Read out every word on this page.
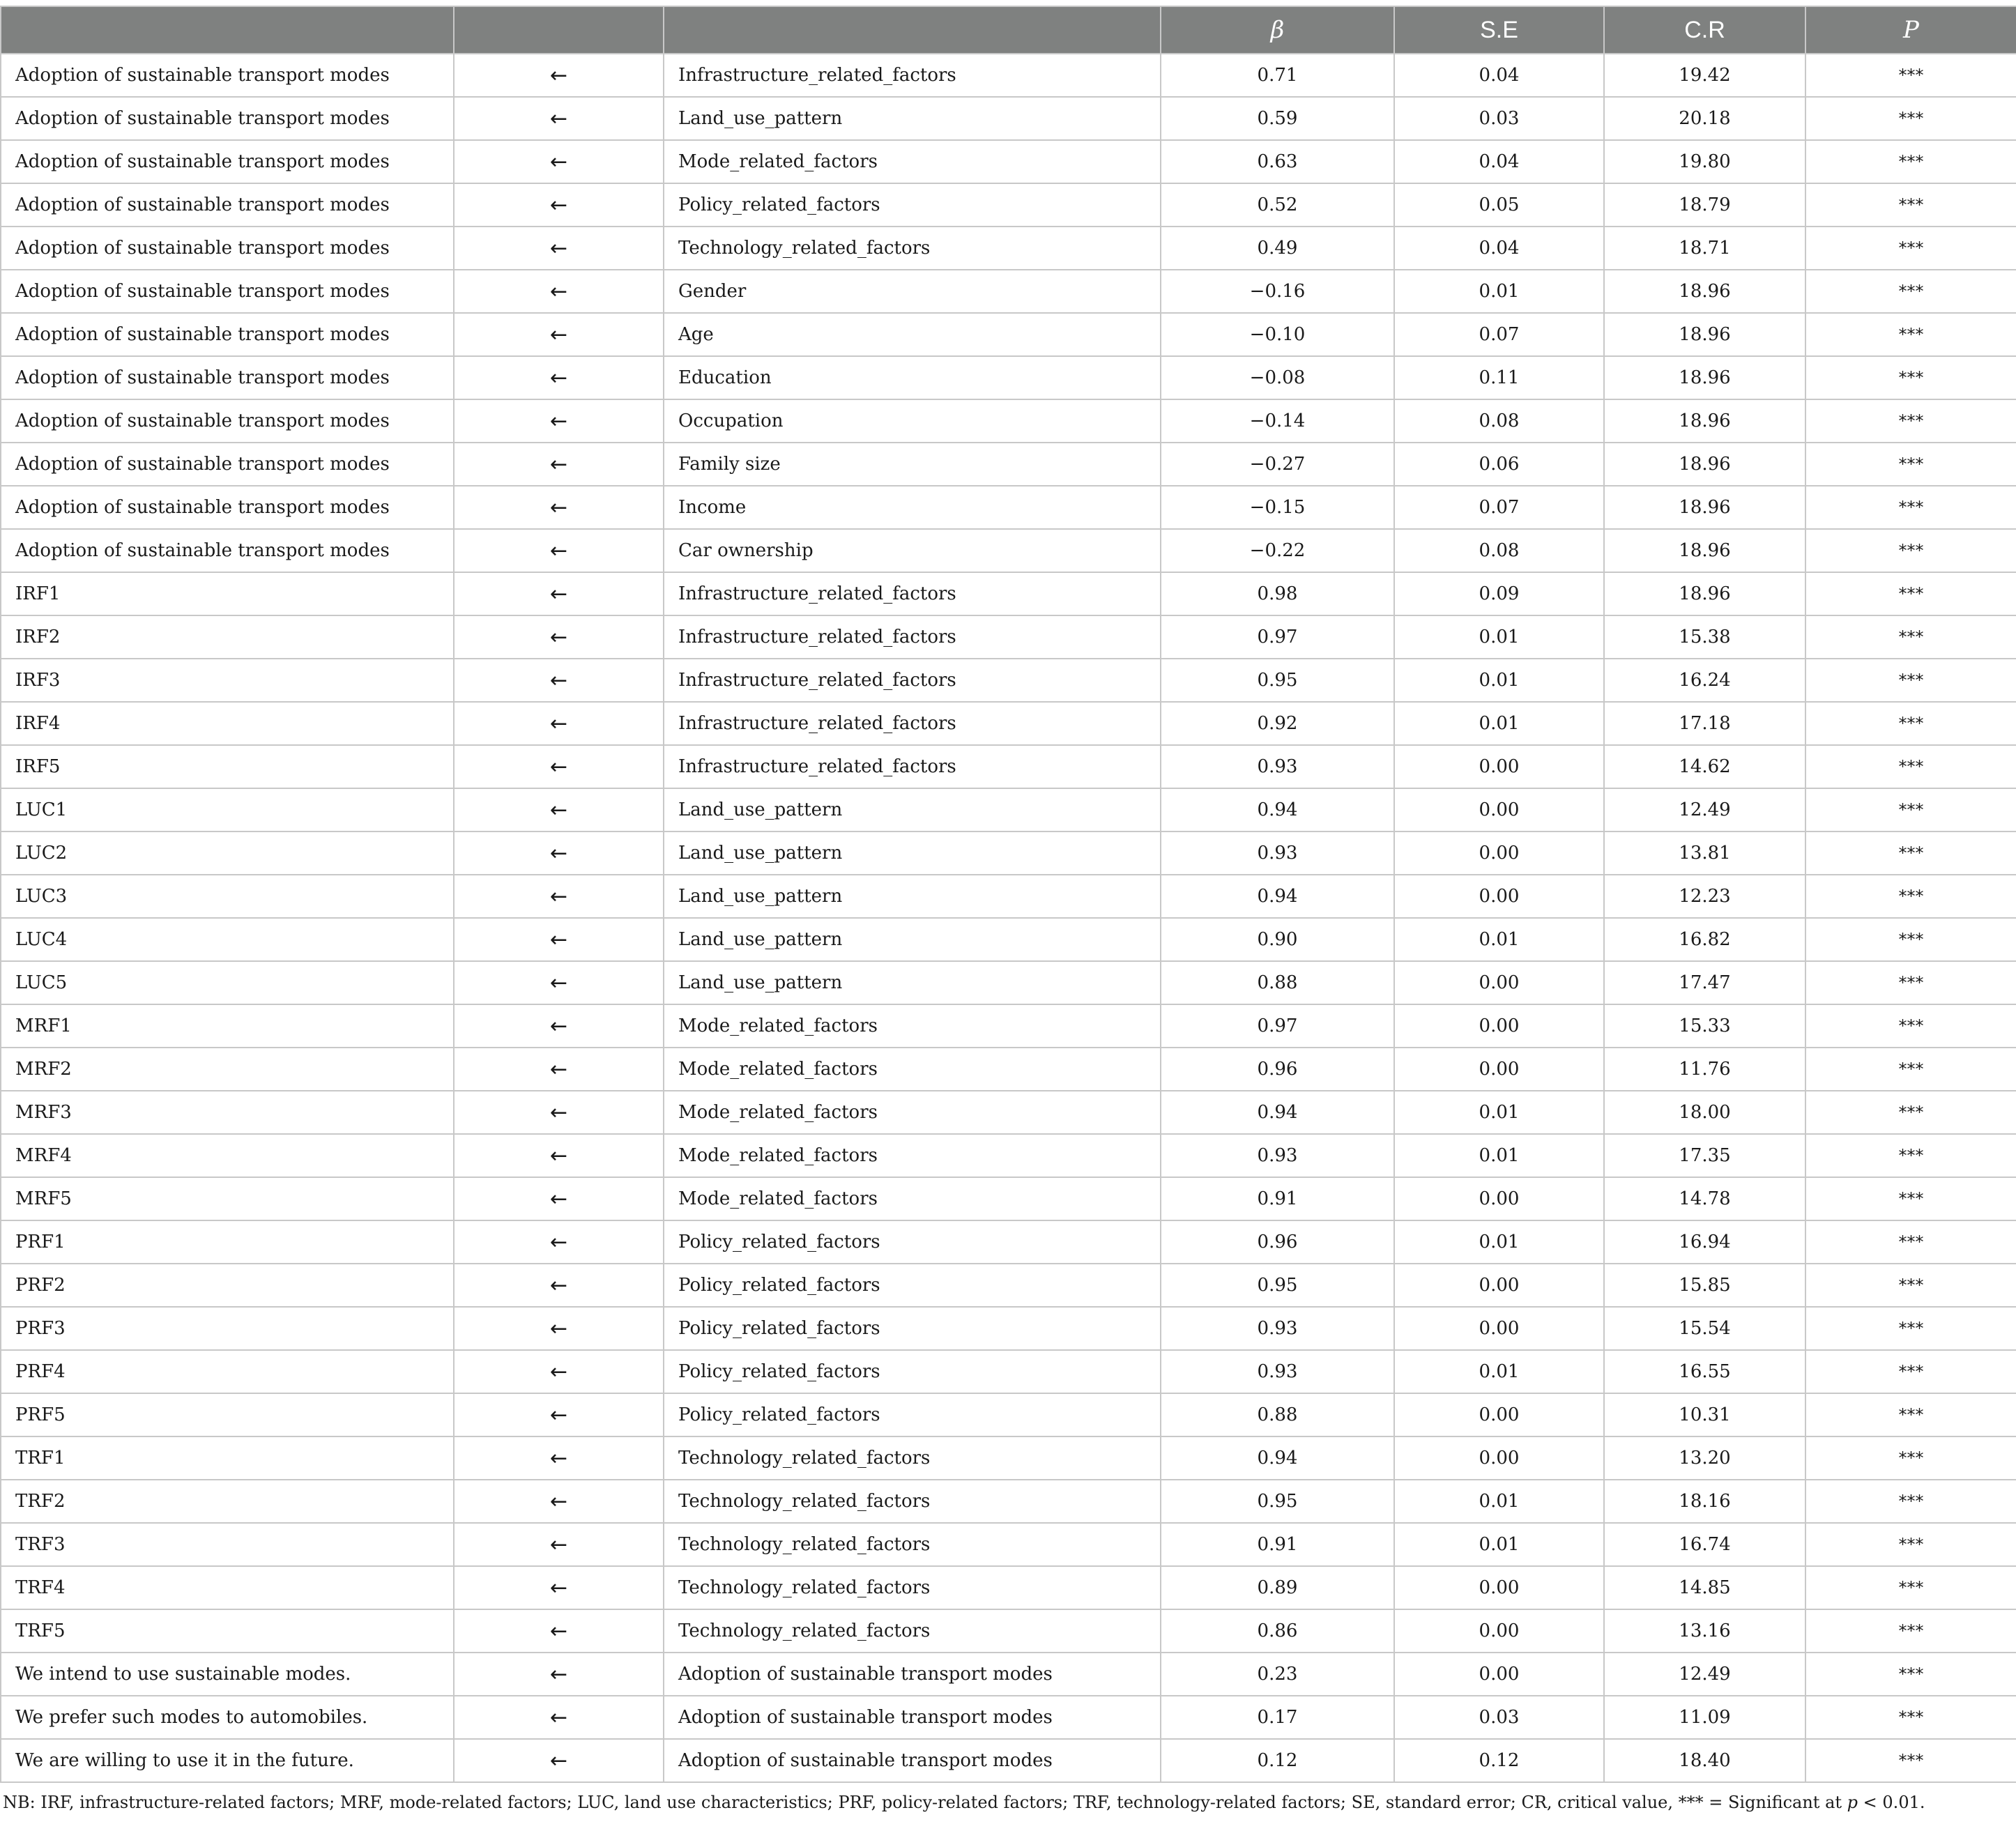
			β	S.E	C.R	P
Adoption of sustainable transport modes	←	Infrastructure_related_factors	0.71	0.04	19.42	***
Adoption of sustainable transport modes	←	Land_use_pattern	0.59	0.03	20.18	***
Adoption of sustainable transport modes	←	Mode_related_factors	0.63	0.04	19.80	***
Adoption of sustainable transport modes	←	Policy_related_factors	0.52	0.05	18.79	***
Adoption of sustainable transport modes	←	Technology_related_factors	0.49	0.04	18.71	***
Adoption of sustainable transport modes	←	Gender	−0.16	0.01	18.96	***
Adoption of sustainable transport modes	←	Age	−0.10	0.07	18.96	***
Adoption of sustainable transport modes	←	Education	−0.08	0.11	18.96	***
Adoption of sustainable transport modes	←	Occupation	−0.14	0.08	18.96	***
Adoption of sustainable transport modes	←	Family size	−0.27	0.06	18.96	***
Adoption of sustainable transport modes	←	Income	−0.15	0.07	18.96	***
Adoption of sustainable transport modes	←	Car ownership	−0.22	0.08	18.96	***
IRF1	←	Infrastructure_related_factors	0.98	0.09	18.96	***
IRF2	←	Infrastructure_related_factors	0.97	0.01	15.38	***
IRF3	←	Infrastructure_related_factors	0.95	0.01	16.24	***
IRF4	←	Infrastructure_related_factors	0.92	0.01	17.18	***
IRF5	←	Infrastructure_related_factors	0.93	0.00	14.62	***
LUC1	←	Land_use_pattern	0.94	0.00	12.49	***
LUC2	←	Land_use_pattern	0.93	0.00	13.81	***
LUC3	←	Land_use_pattern	0.94	0.00	12.23	***
LUC4	←	Land_use_pattern	0.90	0.01	16.82	***
LUC5	←	Land_use_pattern	0.88	0.00	17.47	***
MRF1	←	Mode_related_factors	0.97	0.00	15.33	***
MRF2	←	Mode_related_factors	0.96	0.00	11.76	***
MRF3	←	Mode_related_factors	0.94	0.01	18.00	***
MRF4	←	Mode_related_factors	0.93	0.01	17.35	***
MRF5	←	Mode_related_factors	0.91	0.00	14.78	***
PRF1	←	Policy_related_factors	0.96	0.01	16.94	***
PRF2	←	Policy_related_factors	0.95	0.00	15.85	***
PRF3	←	Policy_related_factors	0.93	0.00	15.54	***
PRF4	←	Policy_related_factors	0.93	0.01	16.55	***
PRF5	←	Policy_related_factors	0.88	0.00	10.31	***
TRF1	←	Technology_related_factors	0.94	0.00	13.20	***
TRF2	←	Technology_related_factors	0.95	0.01	18.16	***
TRF3	←	Technology_related_factors	0.91	0.01	16.74	***
TRF4	←	Technology_related_factors	0.89	0.00	14.85	***
TRF5	←	Technology_related_factors	0.86	0.00	13.16	***
We intend to use sustainable modes.	←	Adoption of sustainable transport modes	0.23	0.00	12.49	***
We prefer such modes to automobiles.	←	Adoption of sustainable transport modes	0.17	0.03	11.09	***
We are willing to use it in the future.	←	Adoption of sustainable transport modes	0.12	0.12	18.40	***
NB: IRF, infrastructure-related factors; MRF, mode-related factors; LUC, land use characteristics; PRF, policy-related factors; TRF, technology-related factors; SE, standard error; CR, critical value, *** = Significant at p < 0.01.
